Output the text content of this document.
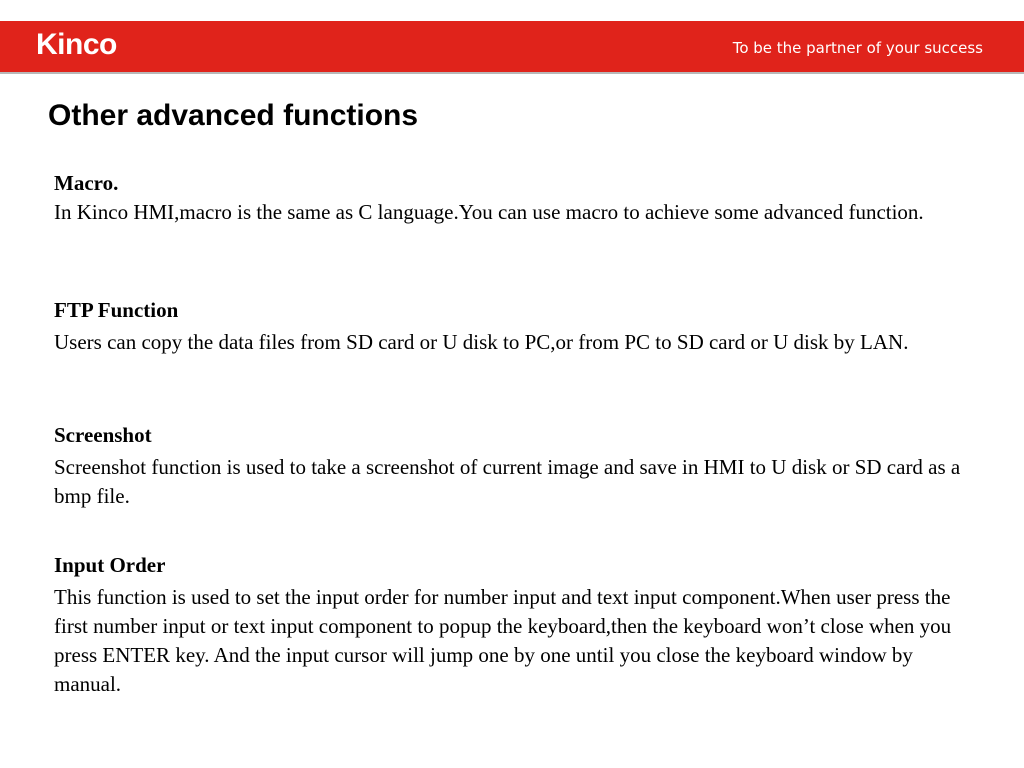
Kinco	To be the partner of your success
Other advanced functions
Macro.
In Kinco HMI,macro is the same as C language.You can use macro to achieve some advanced function.
FTP Function
Users can copy the data files from SD card or U disk to PC,or from PC to SD card or U disk by LAN.
Screenshot
Screenshot function is used to take a screenshot of current image and save in HMI to U disk or SD card as a bmp file.
Input Order
This function is used to set the input order for number input and text input component.When user press the first number input or text input component to popup the keyboard,then the keyboard won’t close when you press ENTER key. And the input cursor will jump one by one until you close the keyboard window by manual.
